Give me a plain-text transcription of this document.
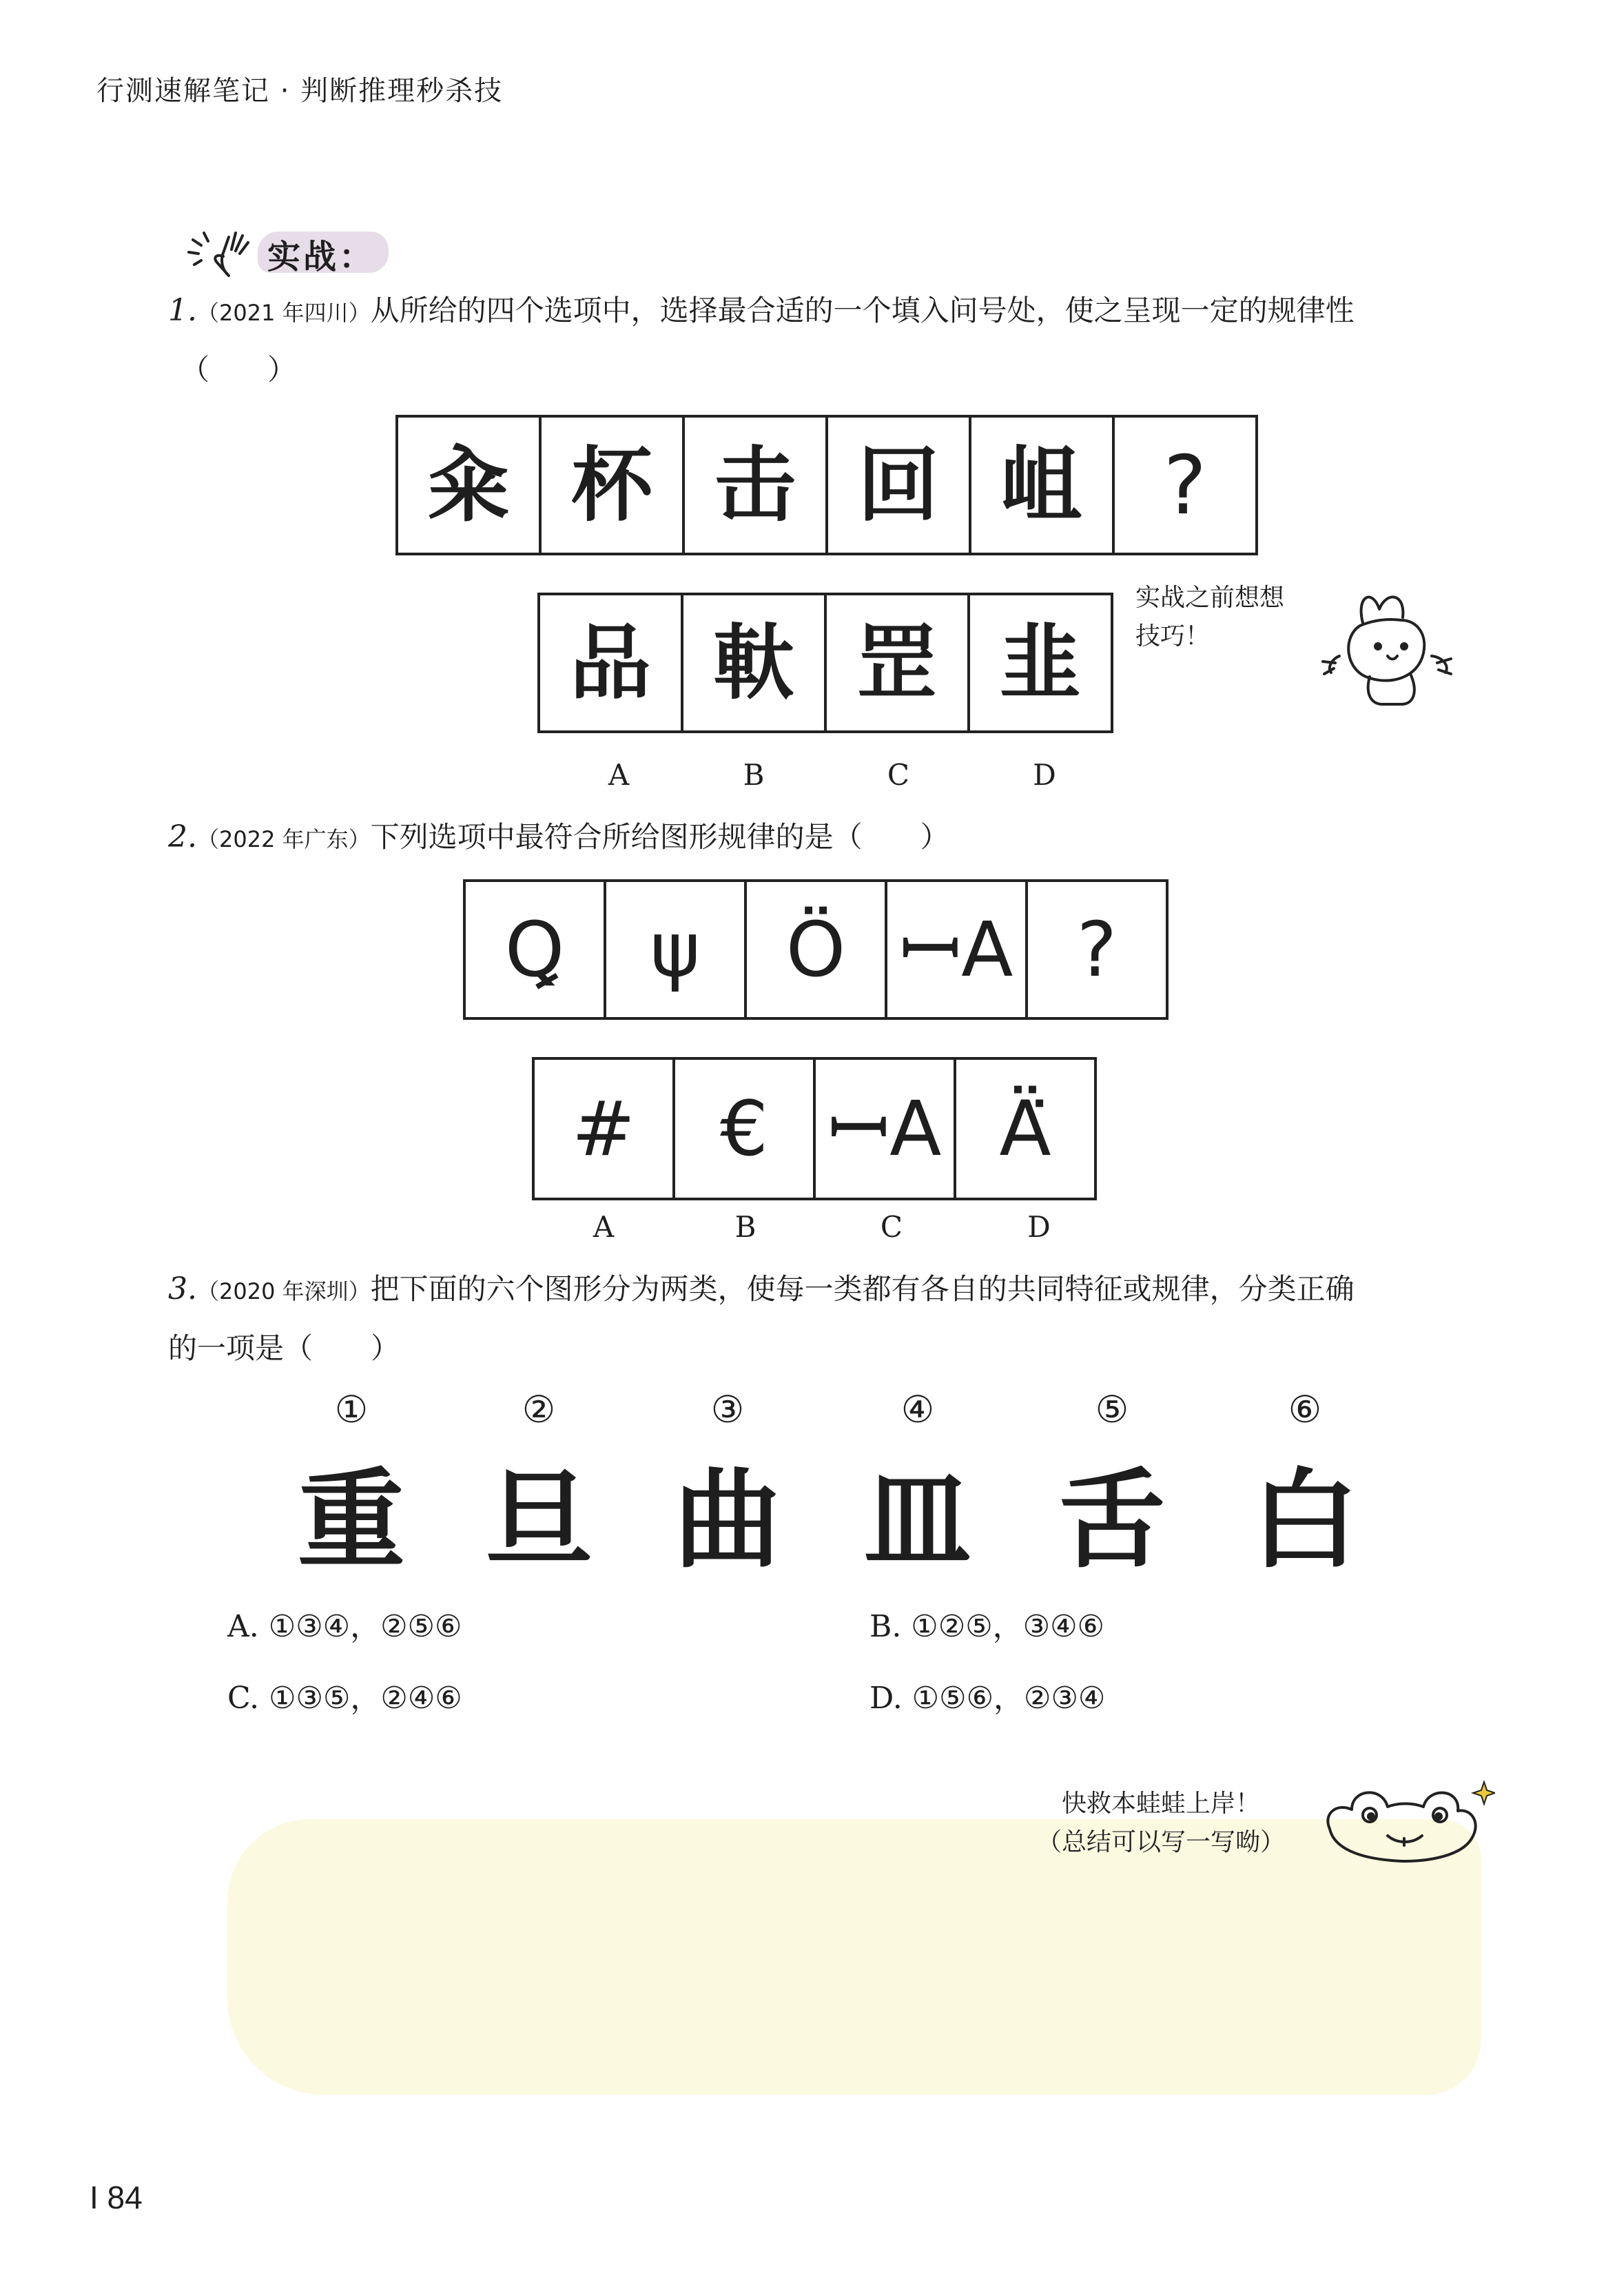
行测速解笔记 · 判断推理秒杀技
实战：
1.（2021 年四川）从所给的四个选项中，选择最合适的一个填入问号处，使之呈现一定的规律性
（　　）
籴	杯	击	回	岨	?
品	軑	罡	韭
A	B	C	D
实战之前想想
技巧！
2.（2022 年广东）下列选项中最符合所给图形规律的是（　　）
Ꝗ	ψ	Ö	ꟷA	?
#	€	ꟷA	Ä̈
A	B	C	D
3.（2020 年深圳）把下面的六个图形分为两类，使每一类都有各自的共同特征或规律，分类正确
的一项是（　　）
①	②	③	④	⑤	⑥
重 旦 曲 皿 舌 白
A. ①③④，②⑤⑥	B. ①②⑤，③④⑥
C. ①③⑤，②④⑥	D. ①⑤⑥，②③④
快救本蛙蛙上岸！
（总结可以写一写呦）
I 84
